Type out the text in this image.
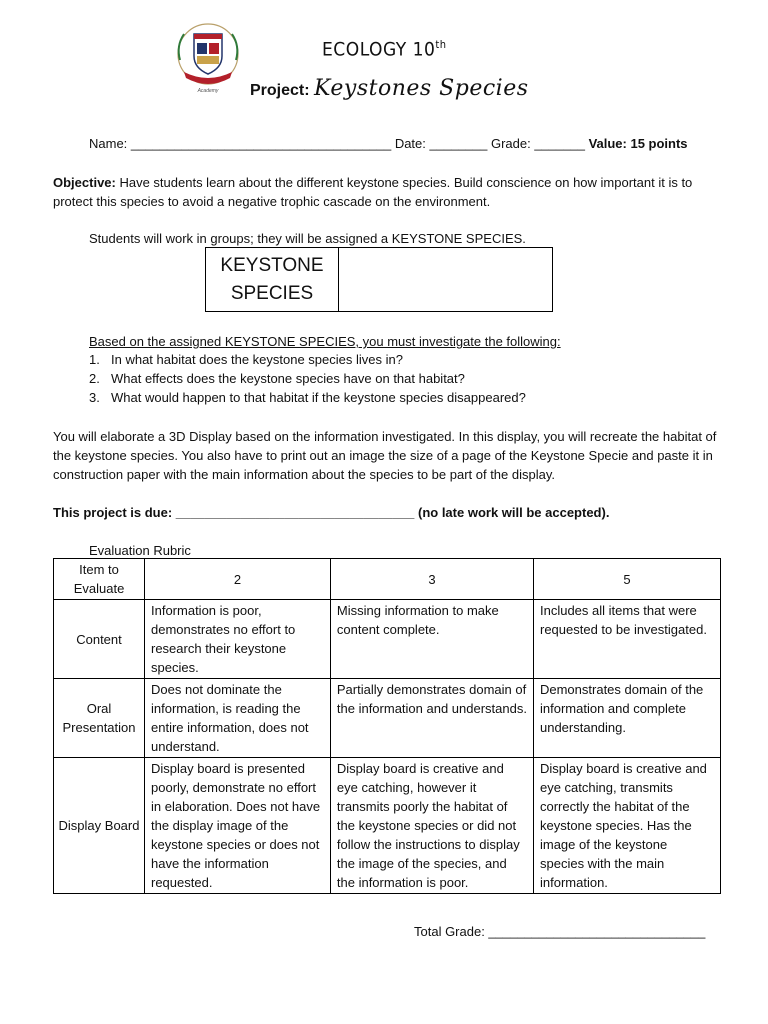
Academy
ECOLOGY 10th
Project: Keystones Species
Name: ____________________________________ Date: ________ Grade: _______ Value: 15 points
Objective: Have students learn about the different keystone species. Build conscience on how important it is to protect this species to avoid a negative trophic cascade on the environment.
Students will work in groups; they will be assigned a KEYSTONE SPECIES.
KEYSTONE SPECIES
Based on the assigned KEYSTONE SPECIES, you must investigate the following:
1. In what habitat does the keystone species lives in?
2. What effects does the keystone species have on that habitat?
3. What would happen to that habitat if the keystone species disappeared?
You will elaborate a 3D Display based on the information investigated. In this display, you will recreate the habitat of the keystone species. You also have to print out an image the size of a page of the Keystone Specie and paste it in construction paper with the main information about the species to be part of the display.
This project is due: _________________________________ (no late work will be accepted).
Evaluation Rubric
Item to Evaluate	2	3	5
Content	Information is poor, demonstrates no effort to research their keystone species.	Missing information to make content complete.	Includes all items that were requested to be investigated.
Oral Presentation	Does not dominate the information, is reading the entire information, does not understand.	Partially demonstrates domain of the information and understands.	Demonstrates domain of the information and complete understanding.
Display Board	Display board is presented poorly, demonstrate no effort in elaboration. Does not have the display image of the keystone species or does not have the information requested.	Display board is creative and eye catching, however it transmits poorly the habitat of the keystone species or did not follow the instructions to display the image of the species, and the information is poor.	Display board is creative and eye catching, transmits correctly the habitat of the keystone species. Has the image of the keystone species with the main information.
Total Grade: ______________________________
